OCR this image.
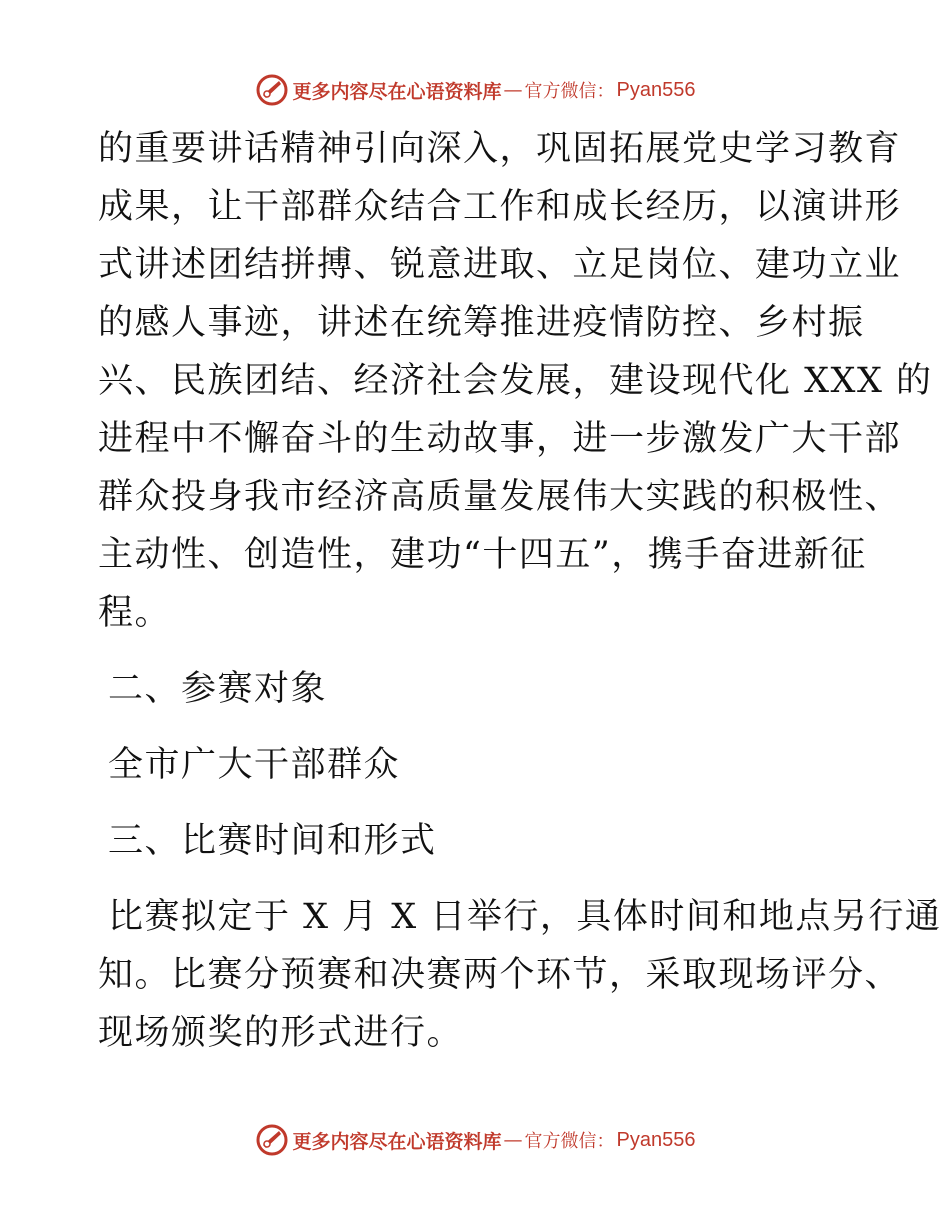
更多内容尽在心语资料库 — 官方微信： Pyan556
的重要讲话精神引向深入，巩固拓展党史学习教育
成果，让干部群众结合工作和成长经历，以演讲形
式讲述团结拼搏、锐意进取、立足岗位、建功立业
的感人事迹，讲述在统筹推进疫情防控、乡村振
兴、民族团结、经济社会发展，建设现代化 XXX 的
进程中不懈奋斗的生动故事，进一步激发广大干部
群众投身我市经济高质量发展伟大实践的积极性、
主动性、创造性，建功“十四五”，携手奋进新征
程。
二、参赛对象
全市广大干部群众
三、比赛时间和形式
比赛拟定于 X 月 X 日举行，具体时间和地点另行通
知。比赛分预赛和决赛两个环节，采取现场评分、
现场颁奖的形式进行。
更多内容尽在心语资料库 — 官方微信： Pyan556
